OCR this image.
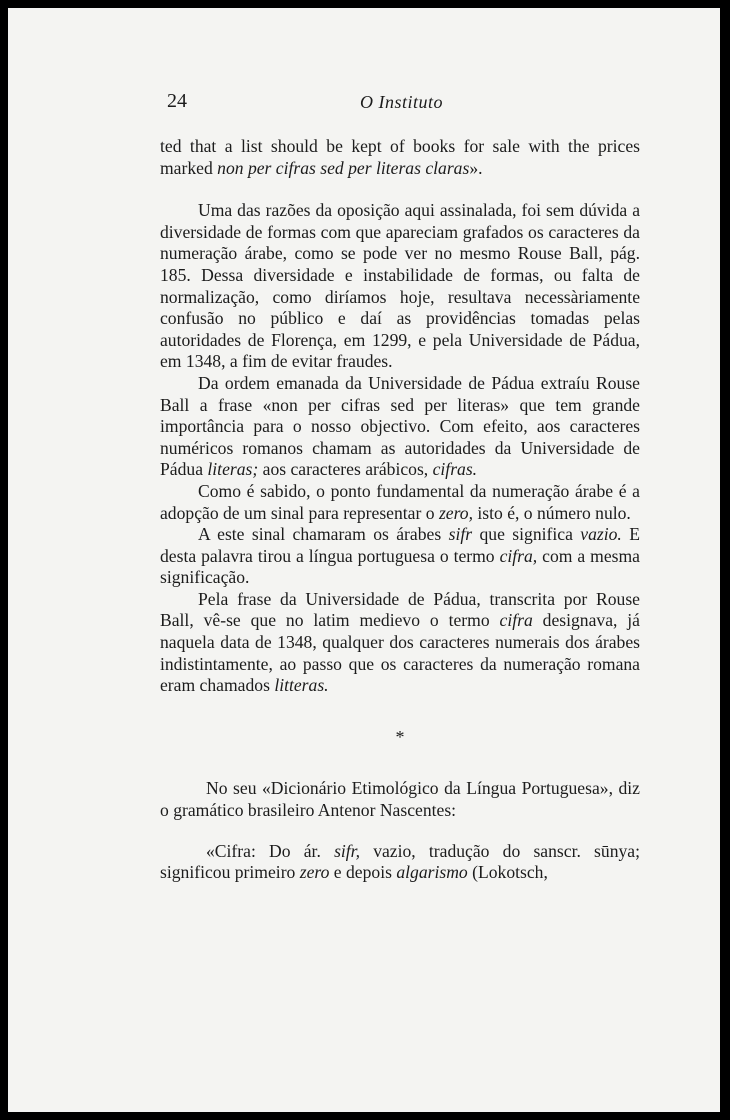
24	O Instituto

ted that a list should be kept of books for sale with the prices marked non per cifras sed per literas claras».

Uma das razões da oposição aqui assinalada, foi sem dúvida a diversidade de formas com que apareciam grafados os caracteres da numeração árabe, como se pode ver no mesmo Rouse Ball, pág. 185. Dessa diversidade e instabilidade de formas, ou falta de normalização, como diríamos hoje, resultava necessàriamente confusão no público e daí as providências tomadas pelas autoridades de Florença, em 1299, e pela Universidade de Pádua, em 1348, a fim de evitar fraudes.

Da ordem emanada da Universidade de Pádua extraíu Rouse Ball a frase «non per cifras sed per literas» que tem grande importância para o nosso objectivo. Com efeito, aos caracteres numéricos romanos chamam as autoridades da Universidade de Pádua literas; aos caracteres arábicos, cifras.

Como é sabido, o ponto fundamental da numeração árabe é a adopção de um sinal para representar o zero, isto é, o número nulo.

A este sinal chamaram os árabes sifr que significa vazio. E desta palavra tirou a língua portuguesa o termo cifra, com a mesma significação.

Pela frase da Universidade de Pádua, transcrita por Rouse Ball, vê-se que no latim medievo o termo cifra designava, já naquela data de 1348, qualquer dos caracteres numerais dos árabes indistintamente, ao passo que os caracteres da numeração romana eram chamados litteras.

*

No seu «Dicionário Etimológico da Língua Portuguesa», diz o gramático brasileiro Antenor Nascentes:

«Cifra: Do ár. sifr, vazio, tradução do sanscr. sūnya; significou primeiro zero e depois algarismo (Lokotsch,
